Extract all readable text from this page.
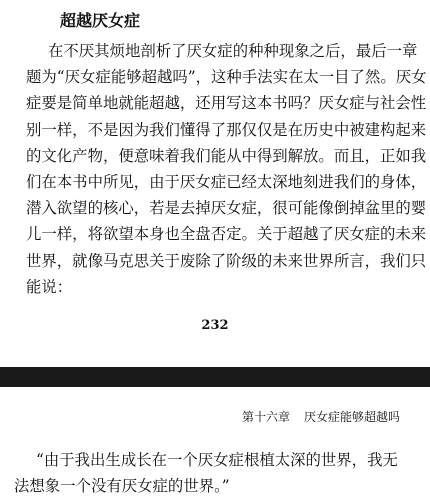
超越厌女症

在不厌其烦地剖析了厌女症的种种现象之后，最后一章
题为“厌女症能够超越吗”，这种手法实在太一目了然。厌女
症要是简单地就能超越，还用写这本书吗？厌女症与社会性
别一样，不是因为我们懂得了那仅仅是在历史中被建构起来
的文化产物，便意味着我们能从中得到解放。而且，正如我
们在本书中所见，由于厌女症已经太深地刻进我们的身体，
潜入欲望的核心，若是去掉厌女症，很可能像倒掉盆里的婴
儿一样，将欲望本身也全盘否定。关于超越了厌女症的未来
世界，就像马克思关于废除了阶级的未来世界所言，我们只
能说：

232

第十六章 厌女症能够超越吗

“由于我出生成长在一个厌女症根植太深的世界，我无
法想象一个没有厌女症的世界。”
